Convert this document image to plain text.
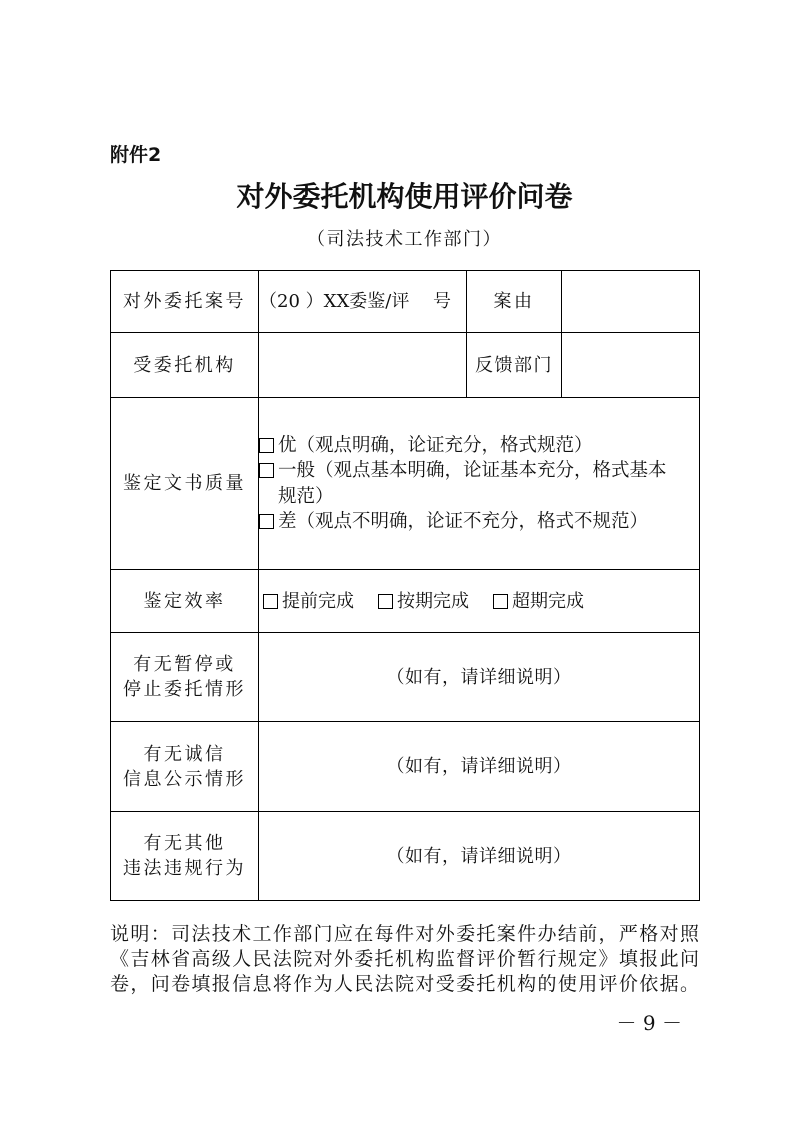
附件2
对外委托机构使用评价问卷
（司法技术工作部门）
对外委托案号	（20 ）XX委鉴/评　 号	案由	
受委托机构		反馈部门	
鉴定文书质量	优（观点明确，论证充分，格式规范）
一般（观点基本明确，论证基本充分，格式基本
规范）
差（观点不明确，论证不充分，格式不规范）		

鉴定效率	提前完成 按期完成 超期完成		

有无暂停或
停止委托情形	（如有，请详细说明）		

有无诚信
信息公示情形	（如有，请详细说明）		

有无其他
违法违规行为	（如有，请详细说明）		
说明：司法技术工作部门应在每件对外委托案件办结前，严格对照
《吉林省高级人民法院对外委托机构监督评价暂行规定》填报此问
卷，问卷填报信息将作为人民法院对受委托机构的使用评价依据。
－ 9 －
